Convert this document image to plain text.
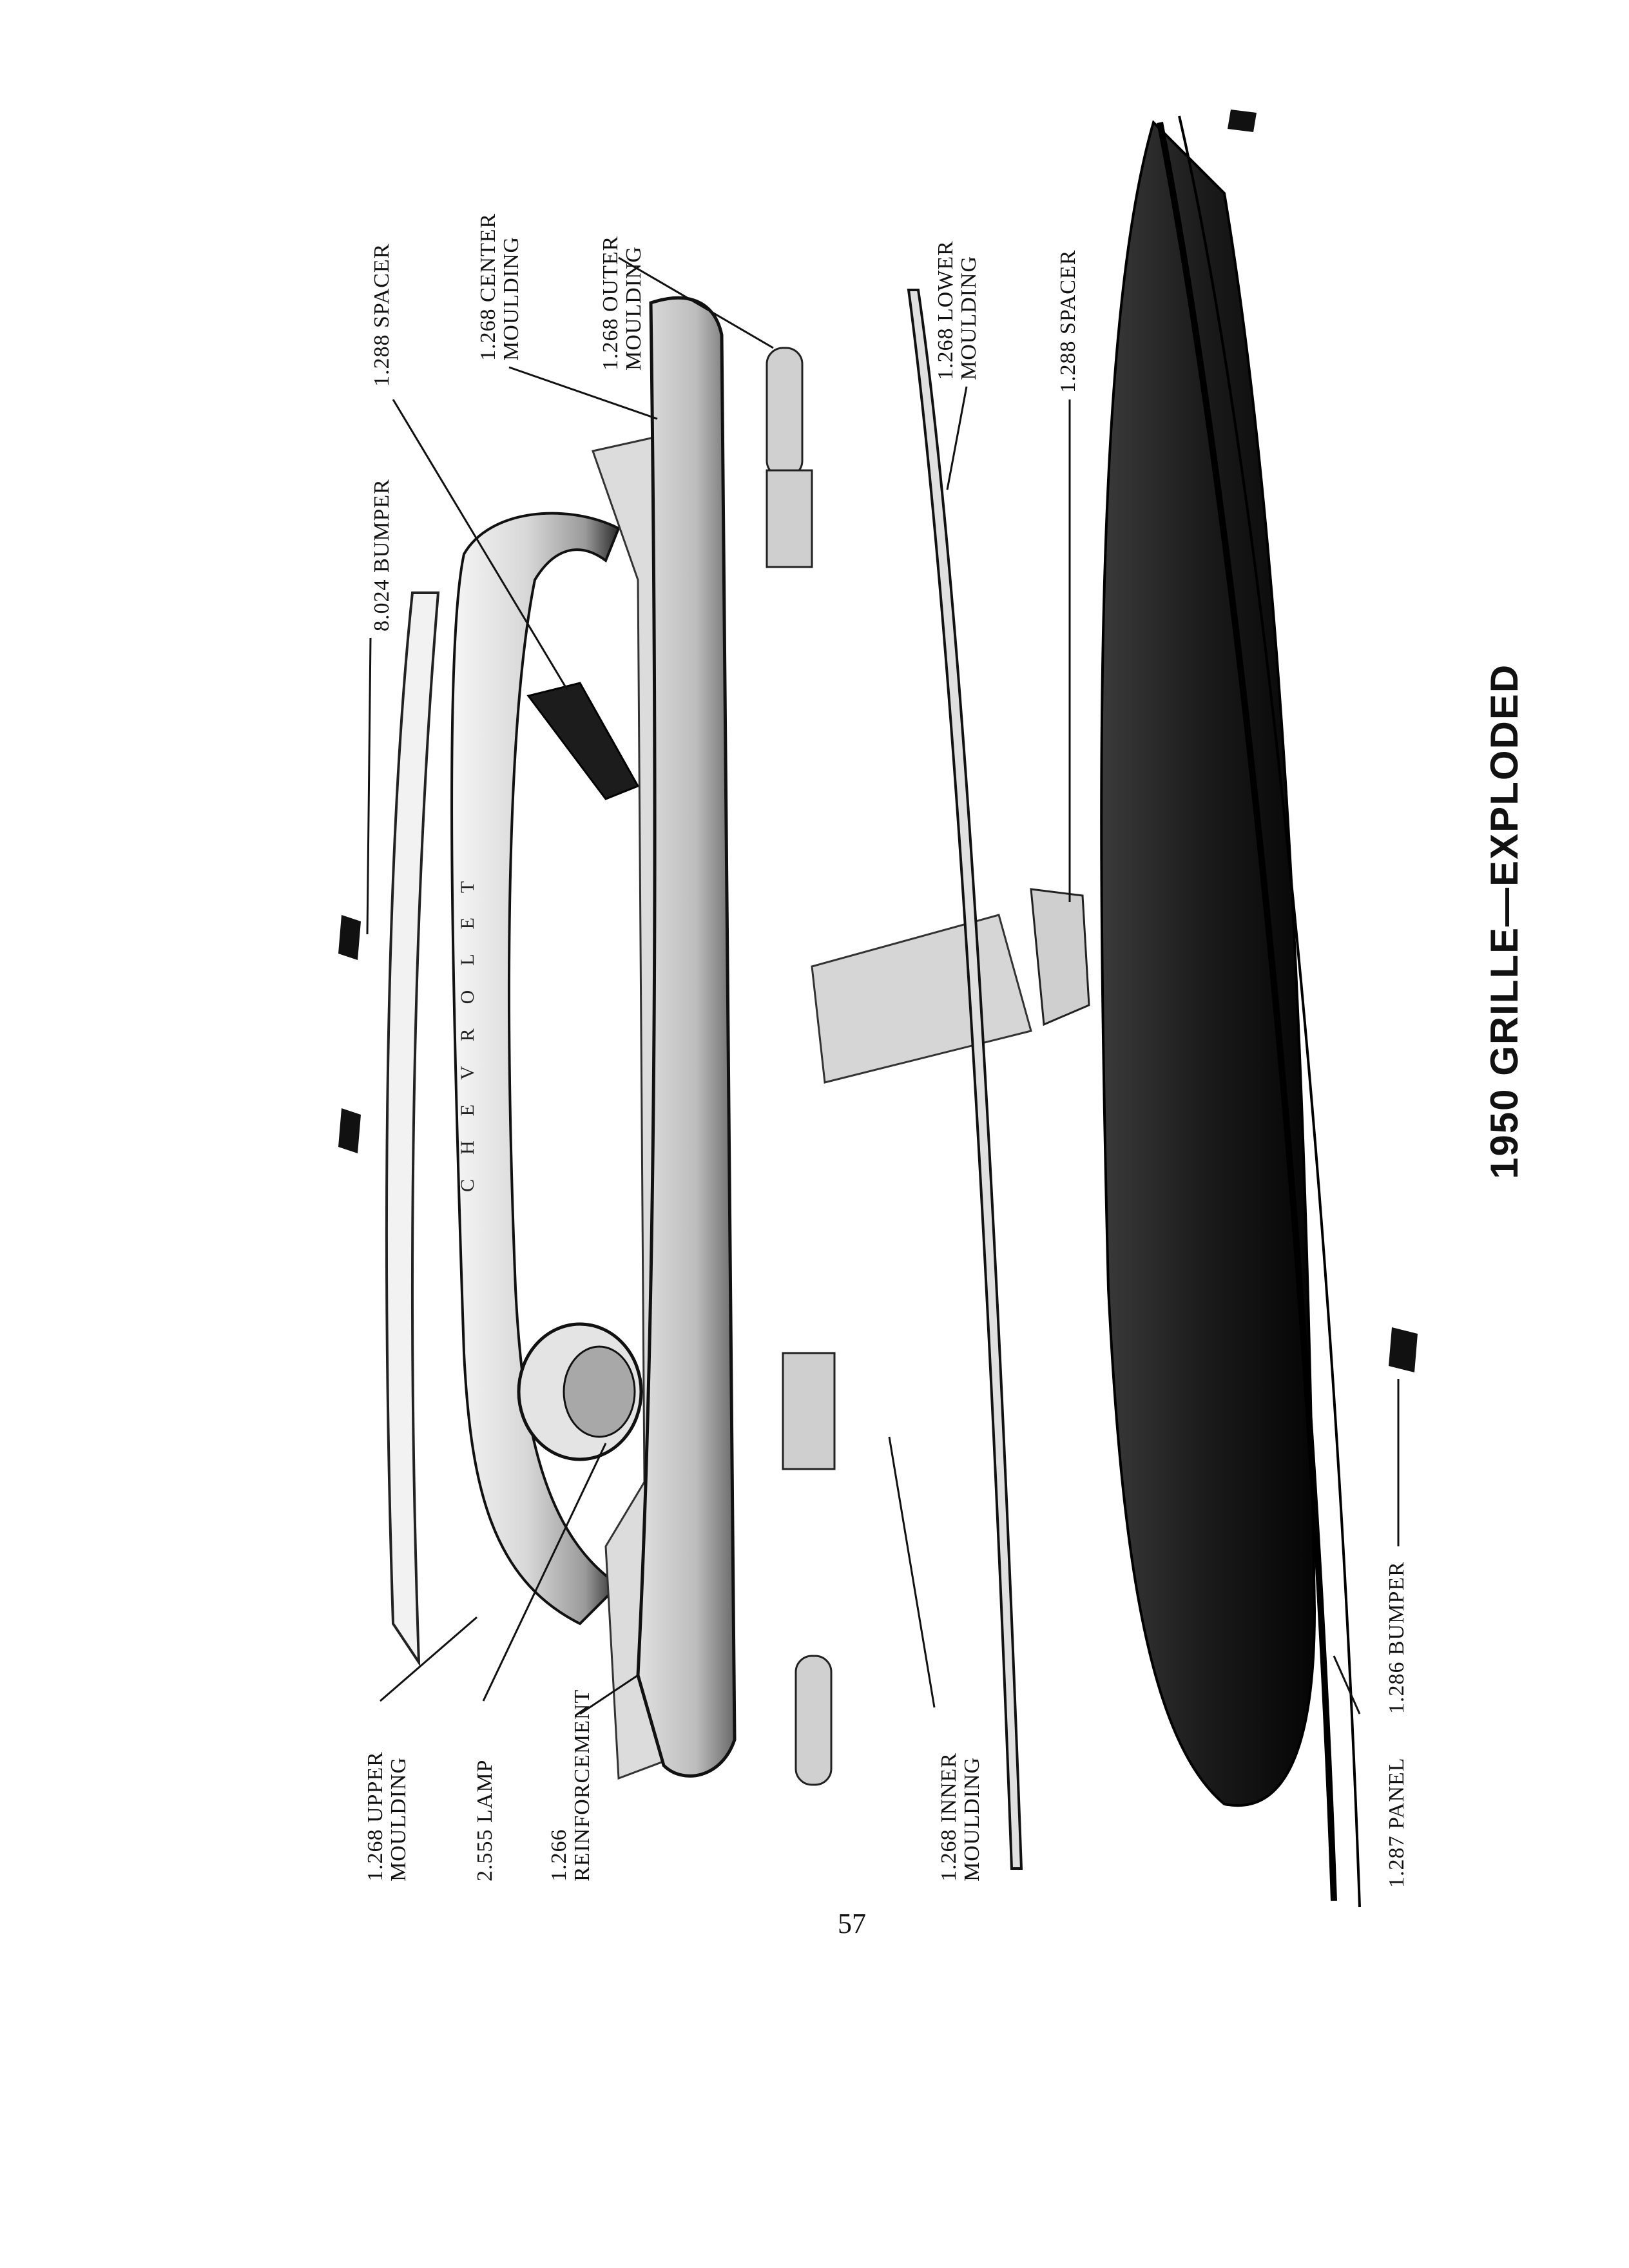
CHEVROLET
1.288 SPACER
8.024 BUMPER
1.268 CENTER
MOULDING	1.268 OUTER
MOULDING	1.268 LOWER
MOULDING	1.288 SPACER
1.268 UPPER
MOULDING	2.555 LAMP 1.266
REINFORCEMENT	1.268 INNER
MOULDING
1.286 BUMPER
1.287 PANEL
1950 GRILLE—EXPLODED
57
